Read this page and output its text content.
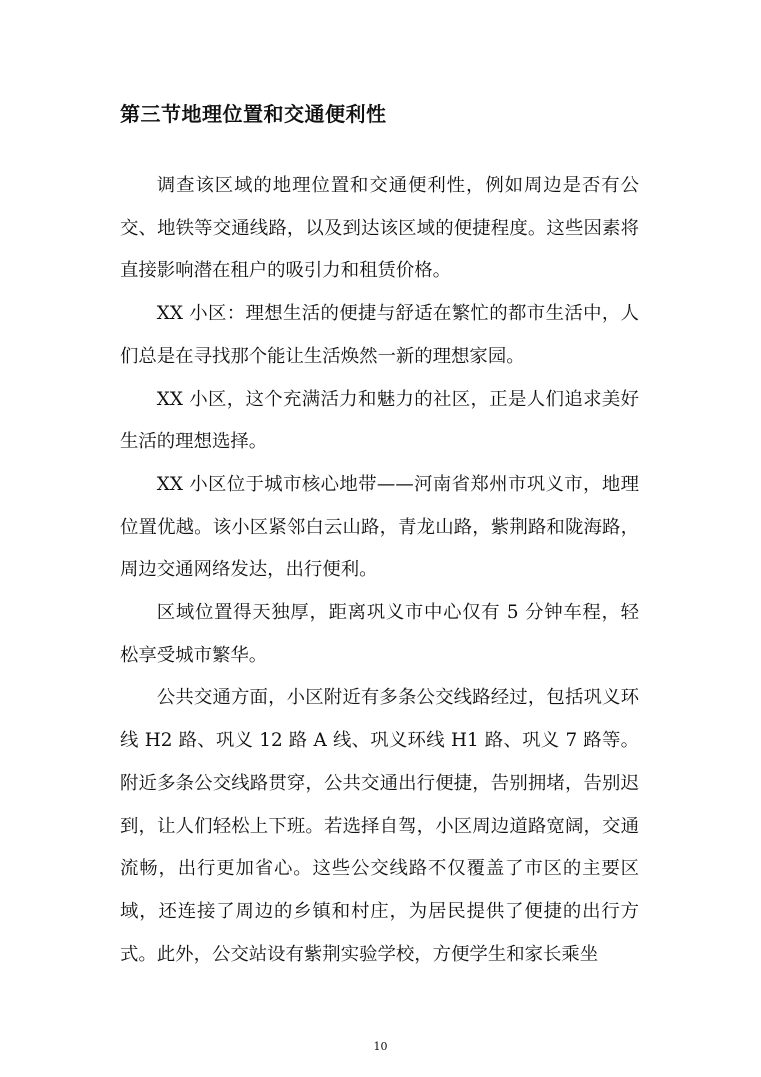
第三节地理位置和交通便利性

调查该区域的地理位置和交通便利性，例如周边是否有公交、地铁等交通线路，以及到达该区域的便捷程度。这些因素将直接影响潜在租户的吸引力和租赁价格。

XX 小区：理想生活的便捷与舒适在繁忙的都市生活中，人们总是在寻找那个能让生活焕然一新的理想家园。

XX 小区，这个充满活力和魅力的社区，正是人们追求美好生活的理想选择。

XX 小区位于城市核心地带——河南省郑州市巩义市，地理位置优越。该小区紧邻白云山路，青龙山路，紫荆路和陇海路，周边交通网络发达，出行便利。

区域位置得天独厚，距离巩义市中心仅有 5 分钟车程，轻松享受城市繁华。

公共交通方面，小区附近有多条公交线路经过，包括巩义环线 H2 路、巩义 12 路 A 线、巩义环线 H1 路、巩义 7 路等。附近多条公交线路贯穿，公共交通出行便捷，告别拥堵，告别迟到，让人们轻松上下班。若选择自驾，小区周边道路宽阔，交通流畅，出行更加省心。这些公交线路不仅覆盖了市区的主要区域，还连接了周边的乡镇和村庄，为居民提供了便捷的出行方式。此外，公交站设有紫荆实验学校，方便学生和家长乘坐

10
